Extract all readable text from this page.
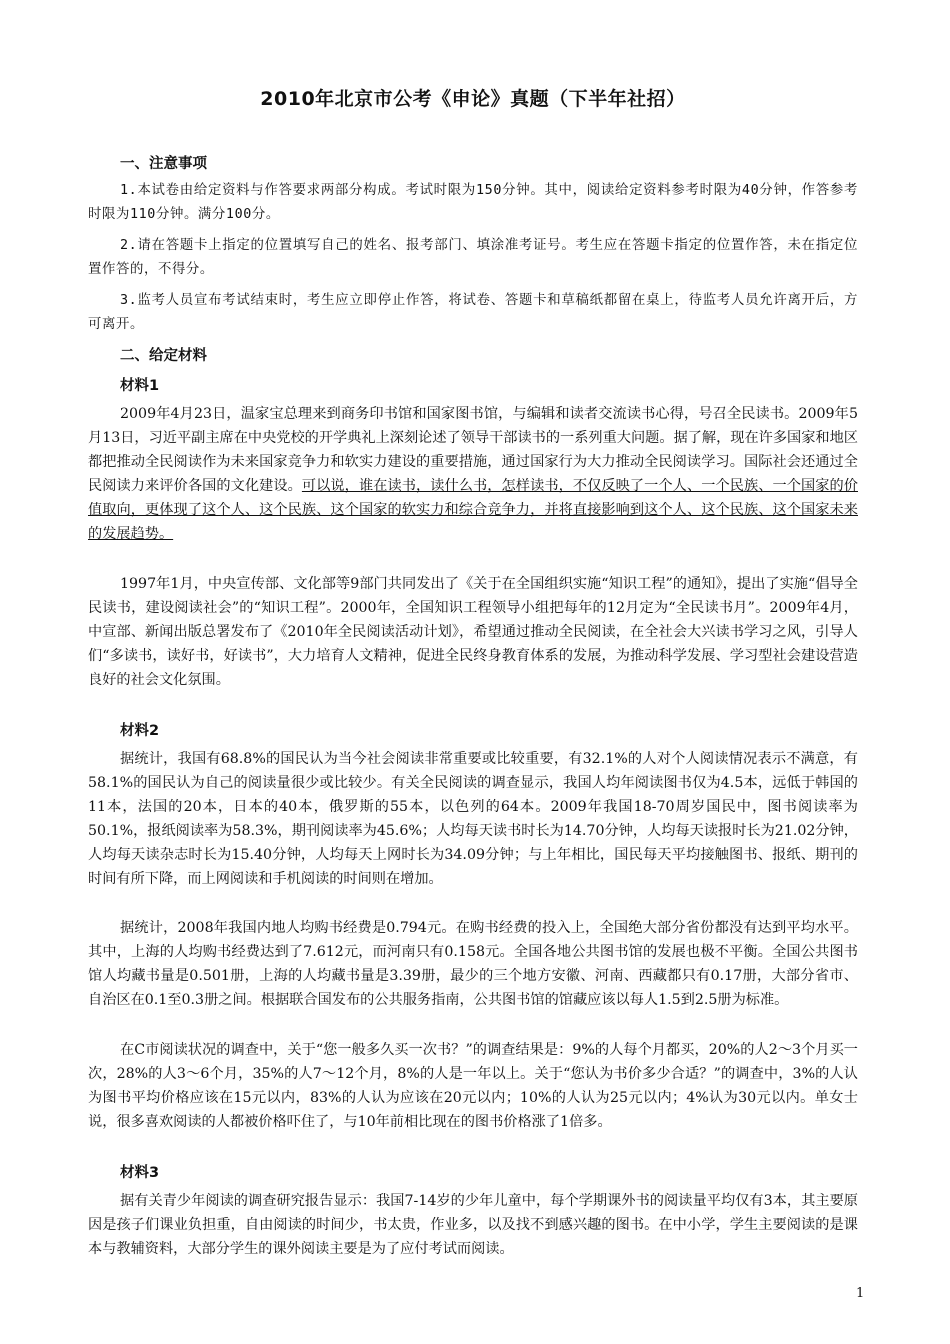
2010年北京市公考《申论》真题（下半年社招）
一、注意事项
1.本试卷由给定资料与作答要求两部分构成。考试时限为150分钟。其中，阅读给定资料参考时限为40分钟，作答参考时限为110分钟。满分100分。
2.请在答题卡上指定的位置填写自己的姓名、报考部门、填涂准考证号。考生应在答题卡指定的位置作答，未在指定位置作答的，不得分。
3.监考人员宣布考试结束时，考生应立即停止作答，将试卷、答题卡和草稿纸都留在桌上，待监考人员允许离开后，方可离开。
二、给定材料
材料1
2009年4月23日，温家宝总理来到商务印书馆和国家图书馆，与编辑和读者交流读书心得，号召全民读书。2009年5月13日，习近平副主席在中央党校的开学典礼上深刻论述了领导干部读书的一系列重大问题。据了解，现在许多国家和地区都把推动全民阅读作为未来国家竞争力和软实力建设的重要措施，通过国家行为大力推动全民阅读学习。国际社会还通过全民阅读力来评价各国的文化建设。可以说，谁在读书，读什么书，怎样读书，不仅反映了一个人、一个民族、一个国家的价值取向，更体现了这个人、这个民族、这个国家的软实力和综合竞争力，并将直接影响到这个人、这个民族、这个国家未来的发展趋势。
1997年1月，中央宣传部、文化部等9部门共同发出了《关于在全国组织实施“知识工程”的通知》，提出了实施“倡导全民读书，建设阅读社会”的“知识工程”。2000年，全国知识工程领导小组把每年的12月定为“全民读书月”。2009年4月，中宣部、新闻出版总署发布了《2010年全民阅读活动计划》，希望通过推动全民阅读，在全社会大兴读书学习之风，引导人们“多读书，读好书，好读书”，大力培育人文精神，促进全民终身教育体系的发展，为推动科学发展、学习型社会建设营造良好的社会文化氛围。
材料2
据统计，我国有68.8%的国民认为当今社会阅读非常重要或比较重要，有32.1%的人对个人阅读情况表示不满意，有58.1%的国民认为自己的阅读量很少或比较少。有关全民阅读的调查显示，我国人均年阅读图书仅为4.5本，远低于韩国的11本，法国的20本，日本的40本，俄罗斯的55本，以色列的64本。2009年我国18-70周岁国民中，图书阅读率为50.1%，报纸阅读率为58.3%，期刊阅读率为45.6%；人均每天读书时长为14.70分钟，人均每天读报时长为21.02分钟，人均每天读杂志时长为15.40分钟，人均每天上网时长为34.09分钟；与上年相比，国民每天平均接触图书、报纸、期刊的时间有所下降，而上网阅读和手机阅读的时间则在增加。
据统计，2008年我国内地人均购书经费是0.794元。在购书经费的投入上，全国绝大部分省份都没有达到平均水平。其中，上海的人均购书经费达到了7.612元，而河南只有0.158元。全国各地公共图书馆的发展也极不平衡。全国公共图书馆人均藏书量是0.501册，上海的人均藏书量是3.39册，最少的三个地方安徽、河南、西藏都只有0.17册，大部分省市、自治区在0.1至0.3册之间。根据联合国发布的公共服务指南，公共图书馆的馆藏应该以每人1.5到2.5册为标准。
在C市阅读状况的调查中，关于“您一般多久买一次书？”的调查结果是：9%的人每个月都买，20%的人2～3个月买一次，28%的人3～6个月，35%的人7～12个月，8%的人是一年以上。关于“您认为书价多少合适？”的调查中，3%的人认为图书平均价格应该在15元以内，83%的人认为应该在20元以内；10%的人认为25元以内；4%认为30元以内。单女士说，很多喜欢阅读的人都被价格吓住了，与10年前相比现在的图书价格涨了1倍多。
材料3
据有关青少年阅读的调查研究报告显示：我国7-14岁的少年儿童中，每个学期课外书的阅读量平均仅有3本，其主要原因是孩子们课业负担重，自由阅读的时间少，书太贵，作业多，以及找不到感兴趣的图书。在中小学，学生主要阅读的是课本与教辅资料，大部分学生的课外阅读主要是为了应付考试而阅读。
1
